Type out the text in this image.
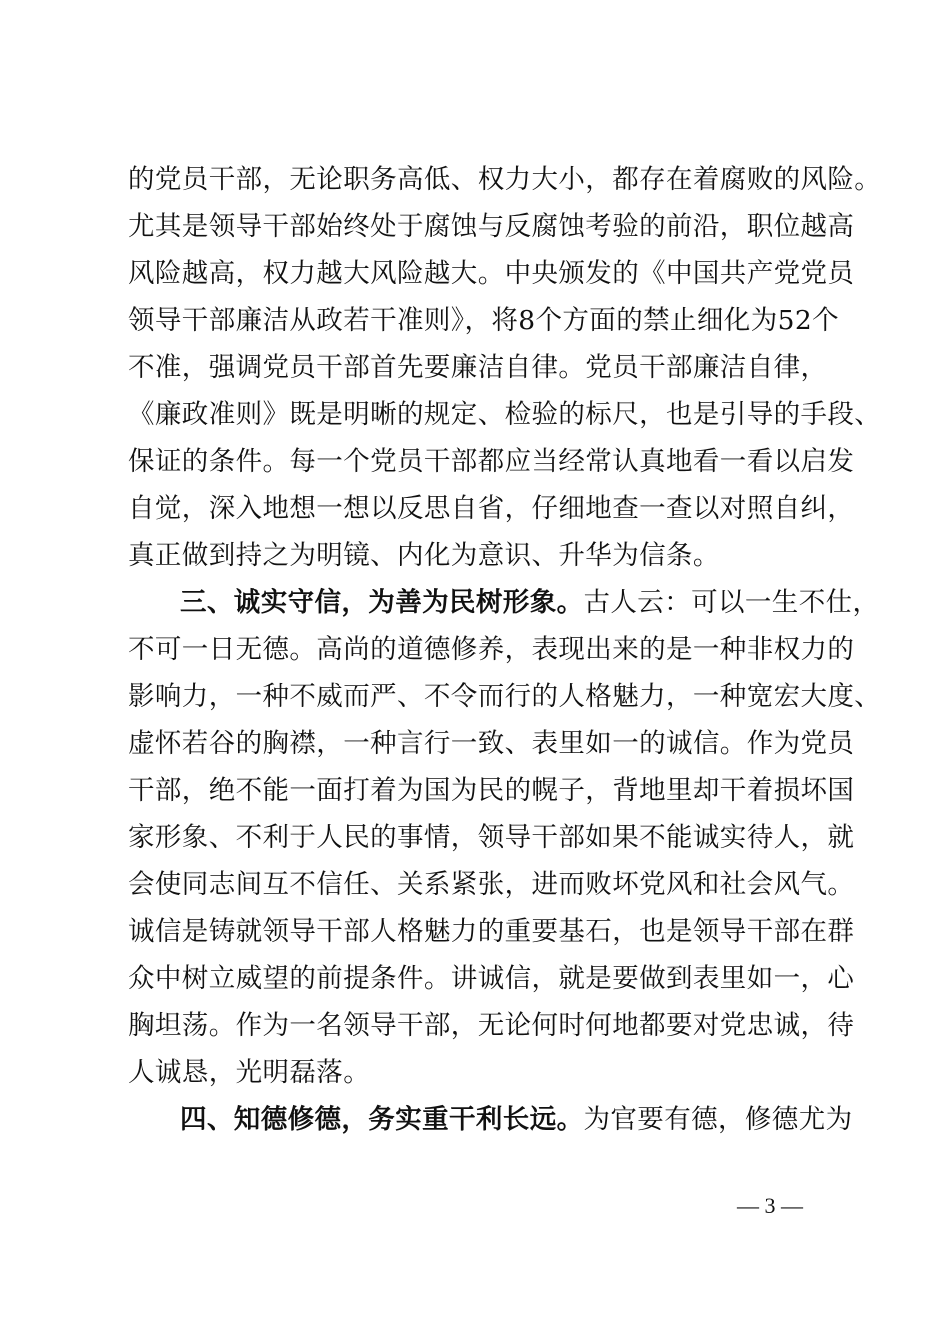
的党员干部，无论职务高低、权力大小，都存在着腐败的风险。
尤其是领导干部始终处于腐蚀与反腐蚀考验的前沿，职位越高
风险越高，权力越大风险越大。中央颁发的《中国共产党党员
领导干部廉洁从政若干准则》，将8个方面的禁止细化为52个
不准，强调党员干部首先要廉洁自律。党员干部廉洁自律，
《廉政准则》既是明晰的规定、检验的标尺，也是引导的手段、
保证的条件。每一个党员干部都应当经常认真地看一看以启发
自觉，深入地想一想以反思自省，仔细地查一查以对照自纠，
真正做到持之为明镜、内化为意识、升华为信条。
三、诚实守信，为善为民树形象。古人云：可以一生不仕，
不可一日无德。高尚的道德修养，表现出来的是一种非权力的
影响力，一种不威而严、不令而行的人格魅力，一种宽宏大度、
虚怀若谷的胸襟，一种言行一致、表里如一的诚信。作为党员
干部，绝不能一面打着为国为民的幌子，背地里却干着损坏国
家形象、不利于人民的事情，领导干部如果不能诚实待人，就
会使同志间互不信任、关系紧张，进而败坏党风和社会风气。
诚信是铸就领导干部人格魅力的重要基石，也是领导干部在群
众中树立威望的前提条件。讲诚信，就是要做到表里如一，心
胸坦荡。作为一名领导干部，无论何时何地都要对党忠诚，待
人诚恳，光明磊落。
四、知德修德，务实重干利长远。为官要有德，修德尤为
— 3 —
